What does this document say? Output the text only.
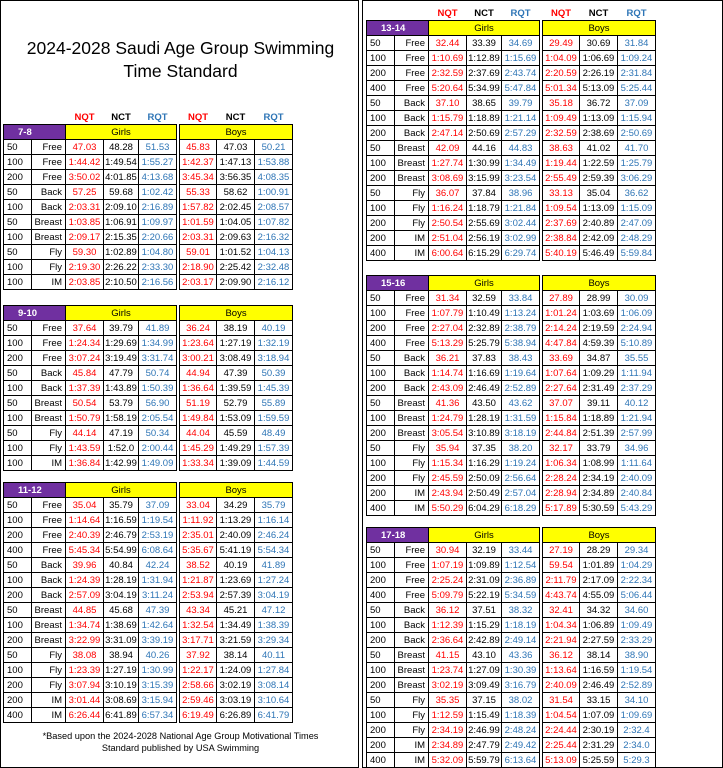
2024-2028 Saudi Age Group Swimming
Time Standard
*Based upon the 2024-2028 National Age Group Motivational Times
Standard published by USA Swimming
		NQT	NCT	RQT		NQT	NCT	RQT
7-8		Girls				Boys		
50	Free	47.03	48.28	51.53		45.83	47.03	50.21
100	Free	1:44.42	1:49.54	1:55.27		1:42.37	1:47.13	1:53.88
200	Free	3:50.02	4:01.85	4:13.68		3:45.34	3:56.35	4:08.35
50	Back	57.25	59.68	1:02.42		55.33	58.62	1:00.91
100	Back	2:03.31	2:09.10	2:16.89		1:57.82	2:02.45	2:08.57
50	Breast	1:03.85	1:06.91	1:09.97		1:01.59	1:04.05	1:07.82
100	Breast	2:09.17	2:15.35	2:20.66		2:03.31	2:09.63	2:16.32
50	Fly	59.30	1:02.89	1:04.80		59.01	1:01.52	1:04.13
100	Fly	2:19.30	2:26.22	2:33.30		2:18.90	2:25.42	2:32.48
100	IM	2:03.85	2:10.50	2:16.56		2:03.17	2:09.90	2:16.12
9-10		Girls				Boys		
50	Free	37.64	39.79	41.89		36.24	38.19	40.19
100	Free	1:24.34	1:29.69	1:34.99		1:23.64	1:27.19	1:32.19
200	Free	3:07.24	3:19.49	3:31.74		3:00.21	3:08.49	3:18.94
50	Back	45.84	47.79	50.74		44.94	47.39	50.39
100	Back	1:37.39	1:43.89	1:50.39		1:36.64	1:39.59	1:45.39
50	Breast	50.54	53.79	56.90		51.19	52.79	55.89
100	Breast	1:50.79	1:58.19	2:05.54		1:49.84	1:53.09	1:59.59
50	Fly	44.14	47.19	50.34		44.04	45.59	48.49
100	Fly	1:43.59	1:52.0	2:00.44		1:45.29	1:49.29	1:57.39
100	IM	1:36.84	1:42.99	1:49.09		1:33.34	1:39.09	1:44.59
11-12		Girls				Boys		
50	Free	35.04	35.79	37.09		33.04	34.29	35.79
100	Free	1:14.64	1:16.59	1:19.54		1:11.92	1:13.29	1:16.14
200	Free	2:40.39	2:46.79	2:53.19		2:35.01	2:40.09	2:46.24
400	Free	5:45.34	5:54.99	6:08.64		5:35.67	5:41.19	5:54.34
50	Back	39.96	40.84	42.24		38.52	40.19	41.89
100	Back	1:24.39	1:28.19	1:31.94		1:21.87	1:23.69	1:27.24
200	Back	2:57.09	3:04.19	3:11.24		2:53.94	2:57.39	3:04.19
50	Breast	44.85	45.68	47.39		43.34	45.21	47.12
100	Breast	1:34.74	1:38.69	1:42.64		1:32.54	1:34.49	1:38.39
200	Breast	3:22.99	3:31.09	3:39.19		3:17.71	3:21.59	3:29.34
50	Fly	38.08	38.94	40.26		37.92	38.14	40.11
100	Fly	1:23.39	1:27.19	1:30.99		1:22.17	1:24.09	1:27.84
200	Fly	3:07.94	3:10.19	3:15.39		2:58.66	3:02.19	3:08.14
200	IM	3:01.44	3:08.69	3:15.94		2:59.46	3:03.19	3:10.64
400	IM	6:26.44	6:41.89	6:57.34		6:19.49	6:26.89	6:41.79
		NQT	NCT	RQT		NQT	NCT	RQT
13-14		Girls				Boys		
50	Free	32.44	33.39	34.69		29.49	30.69	31.84
100	Free	1:10.69	1:12.89	1:15.69		1:04.09	1:06.69	1:09.24
200	Free	2:32.59	2:37.69	2:43.74		2:20.59	2:26.19	2:31.84
400	Free	5:20.64	5:34.99	5:47.84		5:01.34	5:13.09	5:25.44
50	Back	37.10	38.65	39.79		35.18	36.72	37.09
100	Back	1:15.79	1:18.89	1:21.14		1:09.49	1:13.09	1:15.94
200	Back	2:47.14	2:50.69	2:57.29		2:32.59	2:38.69	2:50.69
50	Breast	42.09	44.16	44.83		38.63	41.02	41.70
100	Breast	1:27.74	1:30.99	1:34.49		1:19.44	1:22.59	1:25.79
200	Breast	3:08.69	3:15.99	3:23.54		2:55.49	2:59.39	3:06.29
50	Fly	36.07	37.84	38.96		33.13	35.04	36.62
100	Fly	1:16.24	1:18.79	1:21.84		1:09.54	1:13.09	1:15.09
200	Fly	2:50.54	2:55.69	3:02.44		2:37.69	2:40.89	2:47.09
200	IM	2:51.04	2:56.19	3:02.99		2:38.84	2:42.09	2:48.29
400	IM	6:00.64	6:15.29	6:29.74		5:40.19	5:46.49	5:59.84
15-16		Girls				Boys		
50	Free	31.34	32.59	33.84		27.89	28.99	30.09
100	Free	1:07.79	1:10.49	1:13.24		1:01.24	1:03.69	1:06.09
200	Free	2:27.04	2:32.89	2:38.79		2:14.24	2:19.59	2:24.94
400	Free	5:13.29	5:25.79	5:38.94		4:47.84	4:59.39	5:10.89
50	Back	36.21	37.83	38.43		33.69	34.87	35.55
100	Back	1:14.74	1:16.69	1:19.64		1:07.64	1:09.29	1:11.94
200	Back	2:43.09	2:46.49	2:52.89		2:27.64	2:31.49	2:37.29
50	Breast	41.36	43.50	43.62		37.07	39.11	40.12
100	Breast	1:24.79	1:28.19	1:31.59		1:15.84	1:18.89	1:21.94
200	Breast	3:05.54	3:10.89	3:18.19		2:44.84	2:51.39	2:57.99
50	Fly	35.94	37.35	38.20		32.17	33.79	34.96
100	Fly	1:15.34	1:16.29	1:19.24		1:06.34	1:08.99	1:11.64
200	Fly	2:45.59	2:50.09	2:56.64		2:28.24	2:34.19	2:40.09
200	IM	2:43.94	2:50.49	2:57.04		2:28.94	2:34.89	2:40.84
400	IM	5:50.29	6:04.29	6:18.29		5:17.89	5:30.59	5:43.29
17-18		Girls				Boys		
50	Free	30.94	32.19	33.44		27.19	28.29	29.34
100	Free	1:07.19	1:09.89	1:12.54		59.54	1:01.89	1:04.29
200	Free	2:25.24	2:31.09	2:36.89		2:11.79	2:17.09	2:22.34
400	Free	5:09.79	5:22.19	5:34.59		4:43.74	4:55.09	5:06.44
50	Back	36.12	37.51	38.32		32.41	34.32	34.60
100	Back	1:12.39	1:15.29	1:18.19		1:04.34	1:06.89	1:09.49
200	Back	2:36.64	2:42.89	2:49.14		2:21.94	2:27.59	2:33.29
50	Breast	41.15	43.10	43.36		36.12	38.14	38.90
100	Breast	1:23.74	1:27.09	1:30.39		1:13.64	1:16.59	1:19.54
200	Breast	3:02.19	3:09.49	3:16.79		2:40.09	2:46.49	2:52.89
50	Fly	35.35	37.15	38.02		31.54	33.15	34.10
100	Fly	1:12.59	1:15.49	1:18.39		1:04.54	1:07.09	1:09.69
200	Fly	2:34.19	2:46.99	2:48.24		2:24.44	2:30.19	2:32.4
200	IM	2:34.89	2:47.79	2:49.42		2:25.44	2:31.29	2:34.0
400	IM	5:32.09	5:59.79	6:13.64		5:13.09	5:25.59	5:29.3
